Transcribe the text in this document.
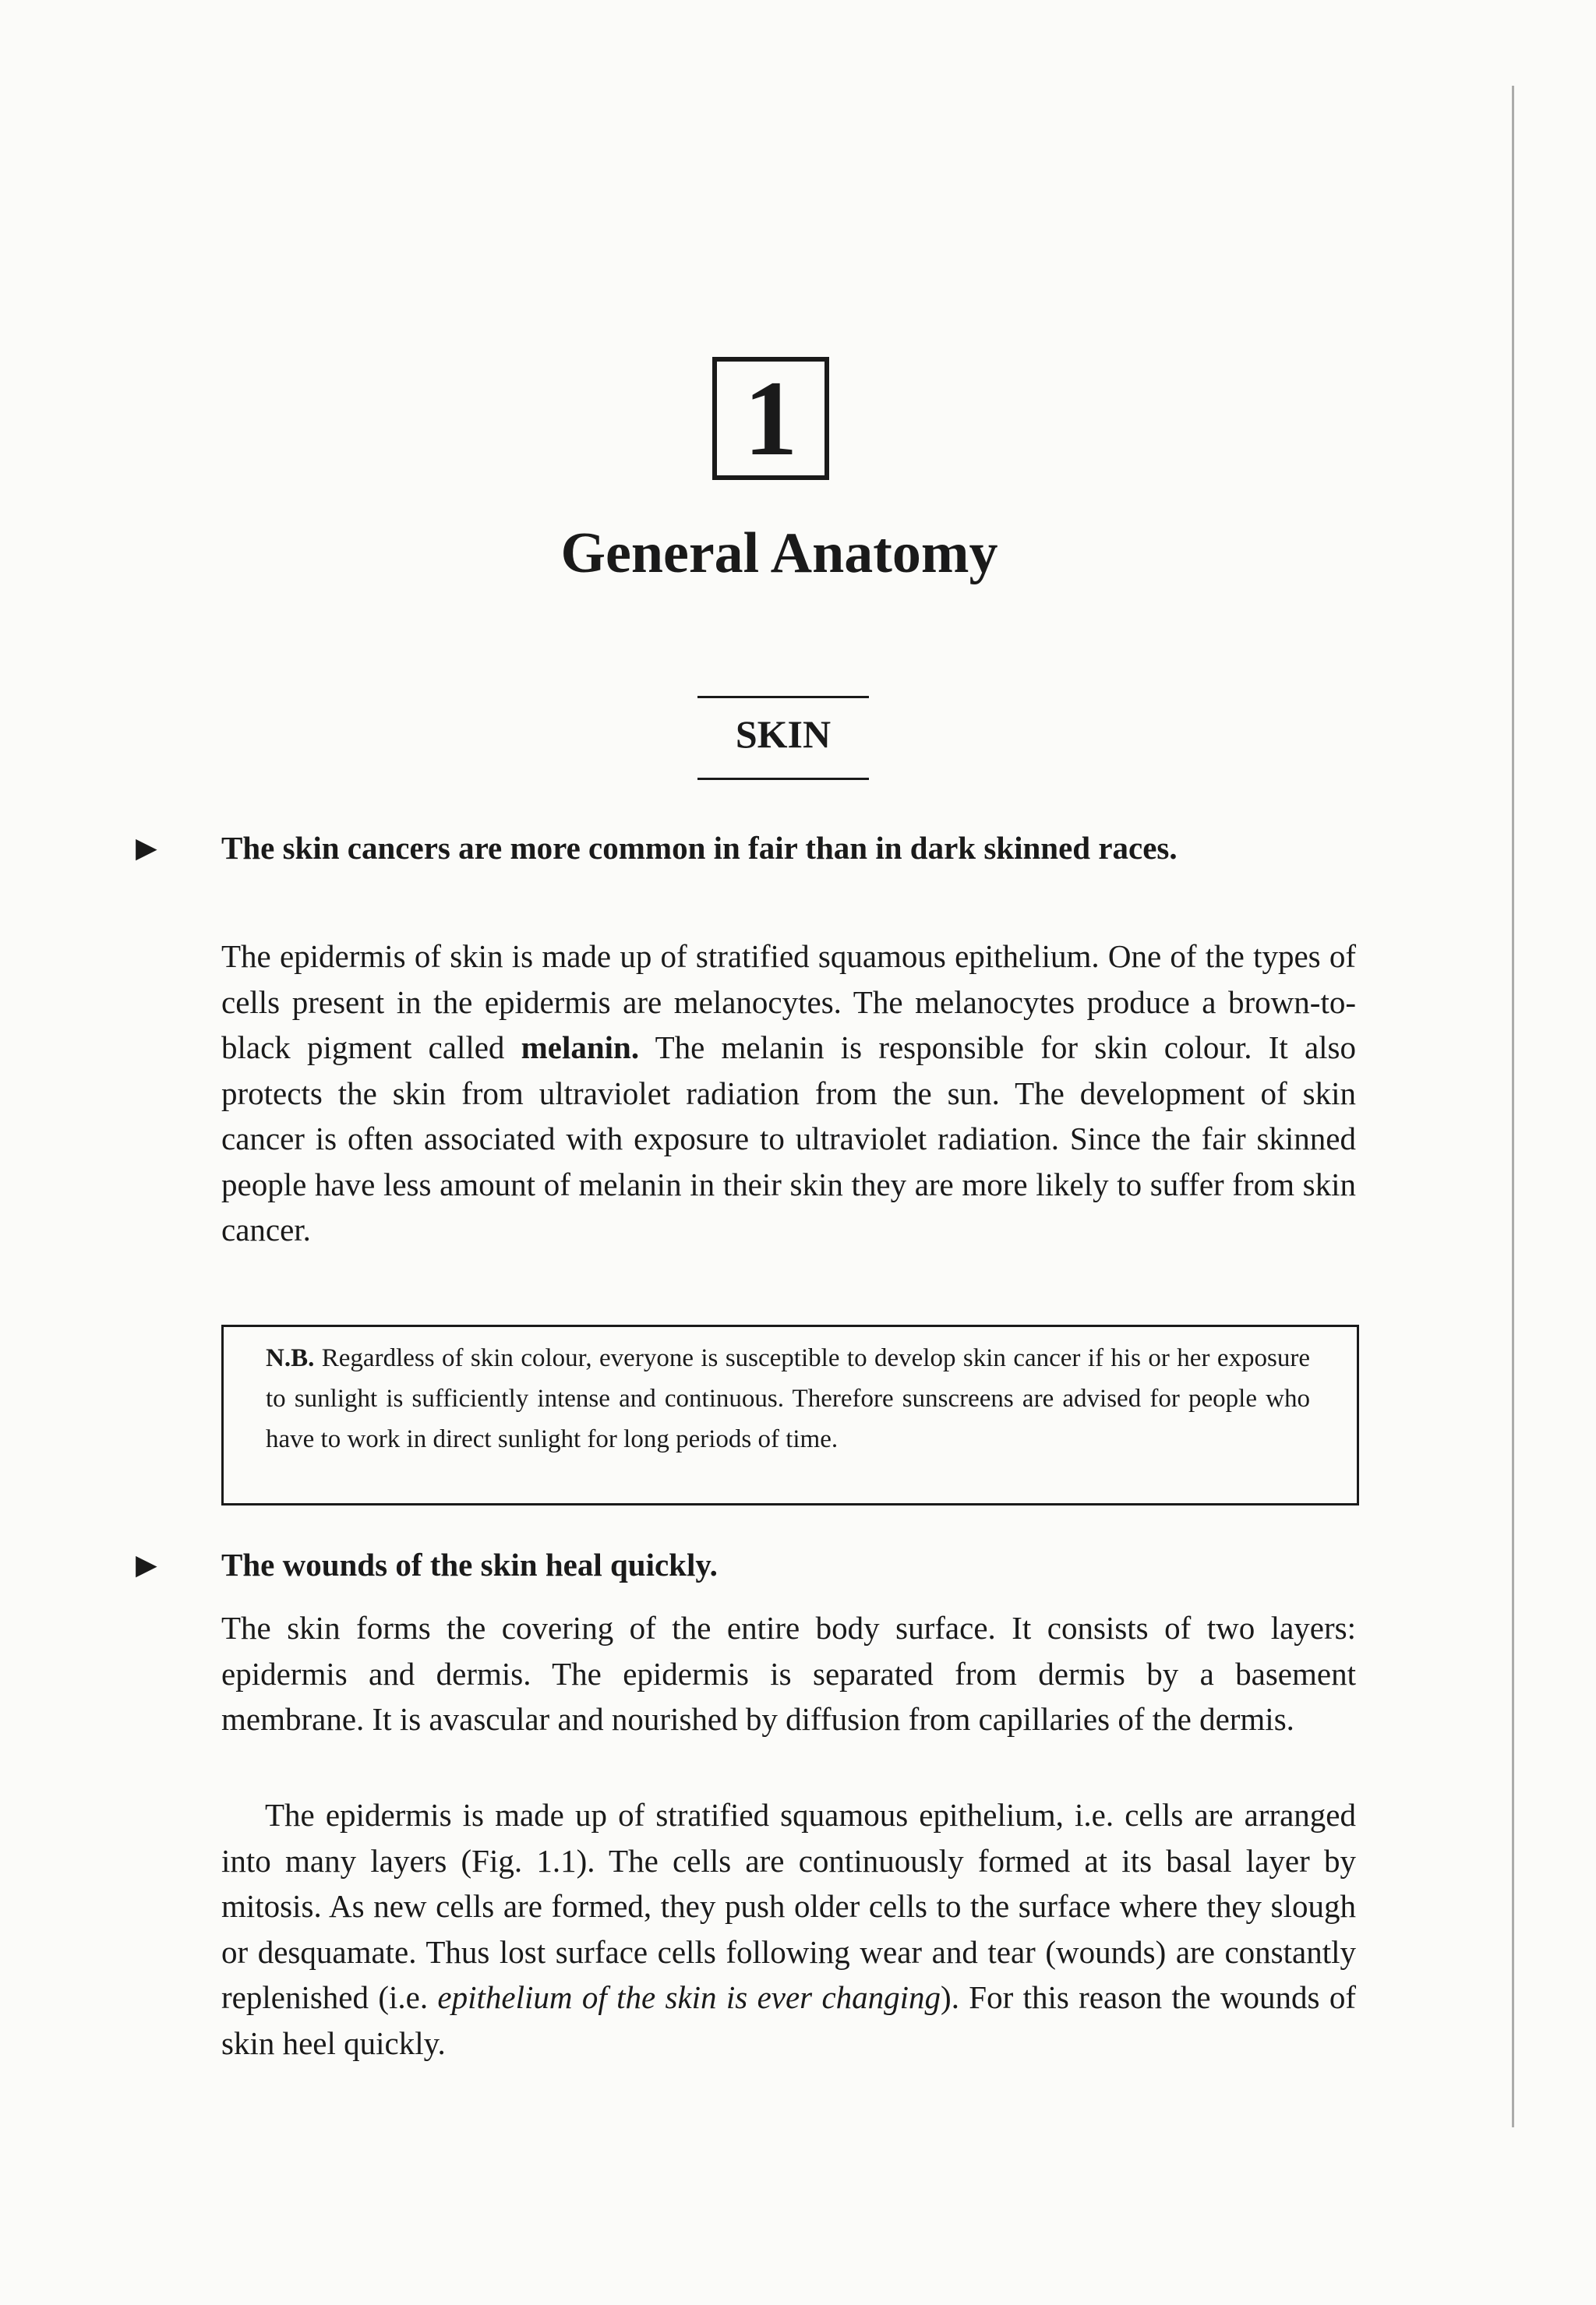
1
General Anatomy
SKIN
▶ The skin cancers are more common in fair than in dark skinned races.

The epidermis of skin is made up of stratified squamous epithelium. One of the types of cells present in the epidermis are melanocytes. The melanocytes produce a brown-to-black pigment called melanin. The melanin is responsible for skin colour. It also protects the skin from ultraviolet radiation from the sun. The development of skin cancer is often associated with exposure to ultraviolet radiation. Since the fair skinned people have less amount of melanin in their skin they are more likely to suffer from skin cancer.

N.B. Regardless of skin colour, everyone is susceptible to develop skin cancer if his or her exposure to sunlight is sufficiently intense and continuous. Therefore sunscreens are advised for people who have to work in direct sunlight for long periods of time.
▶ The wounds of the skin heal quickly.

The skin forms the covering of the entire body surface. It consists of two layers: epidermis and dermis. The epidermis is separated from dermis by a basement membrane. It is avascular and nourished by diffusion from capillaries of the dermis.

The epidermis is made up of stratified squamous epithelium, i.e. cells are arranged into many layers (Fig. 1.1). The cells are continuously formed at its basal layer by mitosis. As new cells are formed, they push older cells to the surface where they slough or desquamate. Thus lost surface cells following wear and tear (wounds) are constantly replenished (i.e. epithelium of the skin is ever changing). For this reason the wounds of skin heel quickly.
